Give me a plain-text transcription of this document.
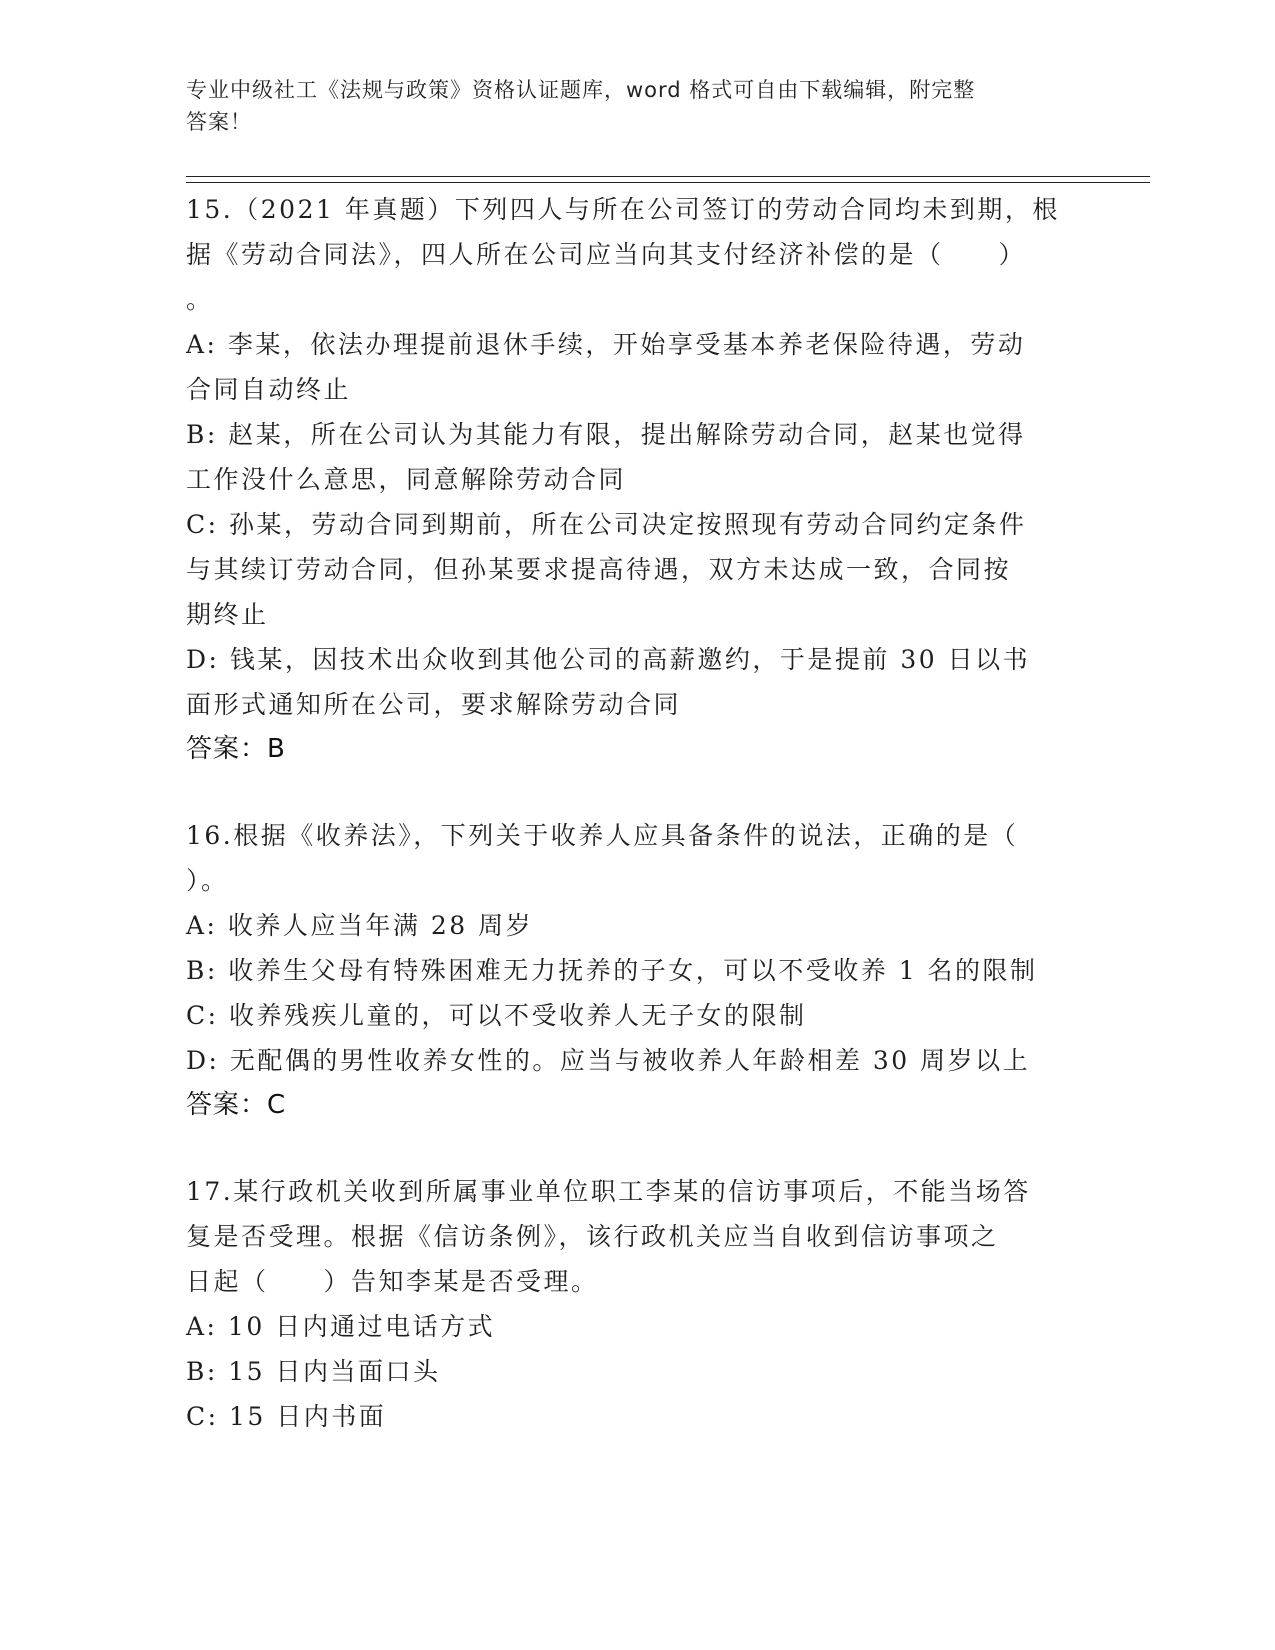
专业中级社工《法规与政策》资格认证题库，word 格式可自由下载编辑，附完整
答案！
15.（2021 年真题）下列四人与所在公司签订的劳动合同均未到期，根
据《劳动合同法》，四人所在公司应当向其支付经济补偿的是（　　）
。
A: 李某，依法办理提前退休手续，开始享受基本养老保险待遇，劳动
合同自动终止
B: 赵某，所在公司认为其能力有限，提出解除劳动合同，赵某也觉得
工作没什么意思，同意解除劳动合同
C: 孙某，劳动合同到期前，所在公司决定按照现有劳动合同约定条件
与其续订劳动合同，但孙某要求提高待遇，双方未达成一致，合同按
期终止
D: 钱某，因技术出众收到其他公司的高薪邀约，于是提前 30 日以书
面形式通知所在公司，要求解除劳动合同
答案：B
16.根据《收养法》，下列关于收养人应具备条件的说法，正确的是（
）。
A: 收养人应当年满 28 周岁
B: 收养生父母有特殊困难无力抚养的子女，可以不受收养 1 名的限制
C: 收养残疾儿童的，可以不受收养人无子女的限制
D: 无配偶的男性收养女性的。应当与被收养人年龄相差 30 周岁以上
答案：C
17.某行政机关收到所属事业单位职工李某的信访事项后，不能当场答
复是否受理。根据《信访条例》，该行政机关应当自收到信访事项之
日起（　　）告知李某是否受理。
A: 10 日内通过电话方式
B: 15 日内当面口头
C: 15 日内书面
